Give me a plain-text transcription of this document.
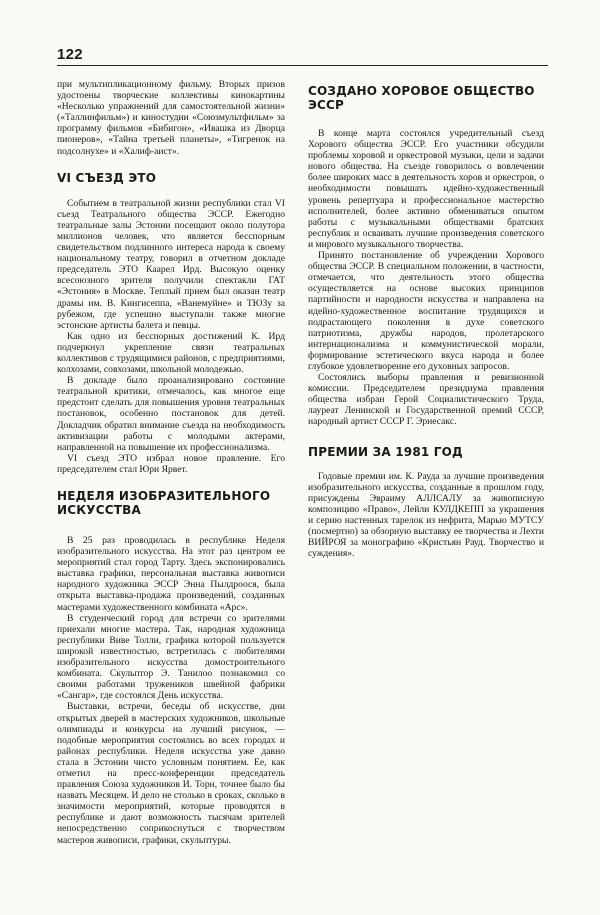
122

при мультипликационному фильму. Вторых призов удостоены творческие коллективы кинокартины «Несколько упражнений для самостоятельной жизни» («Таллинфильм») и киностудии «Союзмультфильм» за программу фильмов «Бибигон», «Ивашка из Дворца пионеров», «Тайна третьей планеты», «Тигренок на подсолнухе» и «Халиф-аист».

VI СЪЕЗД ЭТО

Событием в театральной жизни республики стал VI съезд Театрального общества ЭССР. Ежегодно театральные залы Эстонии посещают около полутора миллионов человек, что является бесспорным свидетельством подлинного интереса народа к своему национальному театру, говорил в отчетном докладе председатель ЭТО Каарел Ирд. Высокую оценку всесоюзного зрителя получили спектакли ГАТ «Эстония» в Москве. Теплый прием был оказан театр драмы им. В. Кингисеппа, «Ванемуйне» и ТЮЗу за рубежом, где успешно выступали также многие эстонские артисты балета и певцы.

Как одно из бесспорных достижений К. Ирд подчеркнул укрепление связи театральных коллективов с трудящимися районов, с предприятиями, колхозами, совхозами, школьной молодежью.

В докладе было проанализировано состояние театральной критики, отмечалось, как многое еще предстоит сделать для повышения уровня театральных постановок, особенно постановок для детей. Докладчик обратил внимание съезда на необходимость активизации работы с молодыми актерами, направленной на повышение их профессионализма.

VI съезд ЭТО избрал новое правление. Его председателем стал Юри Ярвет.

НЕДЕЛЯ ИЗОБРАЗИТЕЛЬНОГО ИСКУССТВА

В 25 раз проводилась в республике Неделя изобразительного искусства. На этот раз центром ее мероприятий стал город Тарту. Здесь экспонировались выставка графики, персональная выставка живописи народного художника ЭССР Энна Пылдроося, была открыта выставка-продажа произведений, созданных мастерами художественного комбината «Арс».

В студенческий город для встречи со зрителями приехали многие мастера. Так, народная художница республики Виве Толли, графика которой пользуется широкой известностью, встретилась с любителями изобразительного искусства домостроительного комбината. Скульптор Э. Танилоо познакомил со своими работами тружеников швейной фабрики «Сангар», где состоялся День искусства.

Выставки, встречи, беседы об искусстве, дни открытых дверей в мастерских художников, школьные олимпиады и конкурсы на лучший рисунок, — подобные мероприятия состоялись во всех городах и районах республики. Неделя искусства уже давно стала в Эстонии чисто условным понятием. Ее, как отметил на пресс-конференции председатель правления Союза художников И. Торн, точнее было бы назвать Месяцем. И дело не столько в сроках, сколько в значимости мероприятий, которые проводятся в республике и дают возможность тысячам зрителей непосредственно соприкоснуться с творчеством мастеров живописи, графики, скульптуры.

СОЗДАНО ХОРОВОЕ ОБЩЕСТВО ЭССР

В конце марта состоялся учредительный съезд Хорового общества ЭССР. Его участники обсудили проблемы хоровой и оркестровой музыки, цели и задачи нового общества. На съезде говорилось о вовлечении более широких масс в деятельность хоров и оркестров, о необходимости повышать идейно-художественный уровень репертуара и профессиональное мастерство исполнителей, более активно обмениваться опытом работы с музыкальными обществами братских республик и осваивать лучшие произведения советского и мирового музыкального творчества.

Принято постановление об учреждении Хорового общества ЭССР. В специальном положении, в частности, отмечается, что деятельность этого общества осуществляется на основе высоких принципов партийности и народности искусства и направлена на идейно-художественное воспитание трудящихся и подрастающего поколения в духе советского патриотизма, дружбы народов, пролетарского интернационализма и коммунистической морали, формирование эстетического вкуса народа и более глубокое удовлетворение его духовных запросов.

Состоялись выборы правления и ревизионной комиссии. Председателем президиума правления общества избран Герой Социалистического Труда, лауреат Ленинской и Государственной премий СССР, народный артист СССР Г. Эрнесакс.

ПРЕМИИ ЗА 1981 ГОД

Годовые премии им. К. Рауда за лучшие произведения изобразительного искусства, созданные в прошлом году, присуждены Эвраиму АЛЛСАЛУ за живописную композицию «Право», Лейли КУЛДКЕПП за украшения и серию настенных тарелок из нефрита, Марью МУТСУ (посмертно) за обзорную выставку ее творчества и Лехти ВИЙРОЯ за монографию «Кристьян Рауд. Творчество и суждения».
